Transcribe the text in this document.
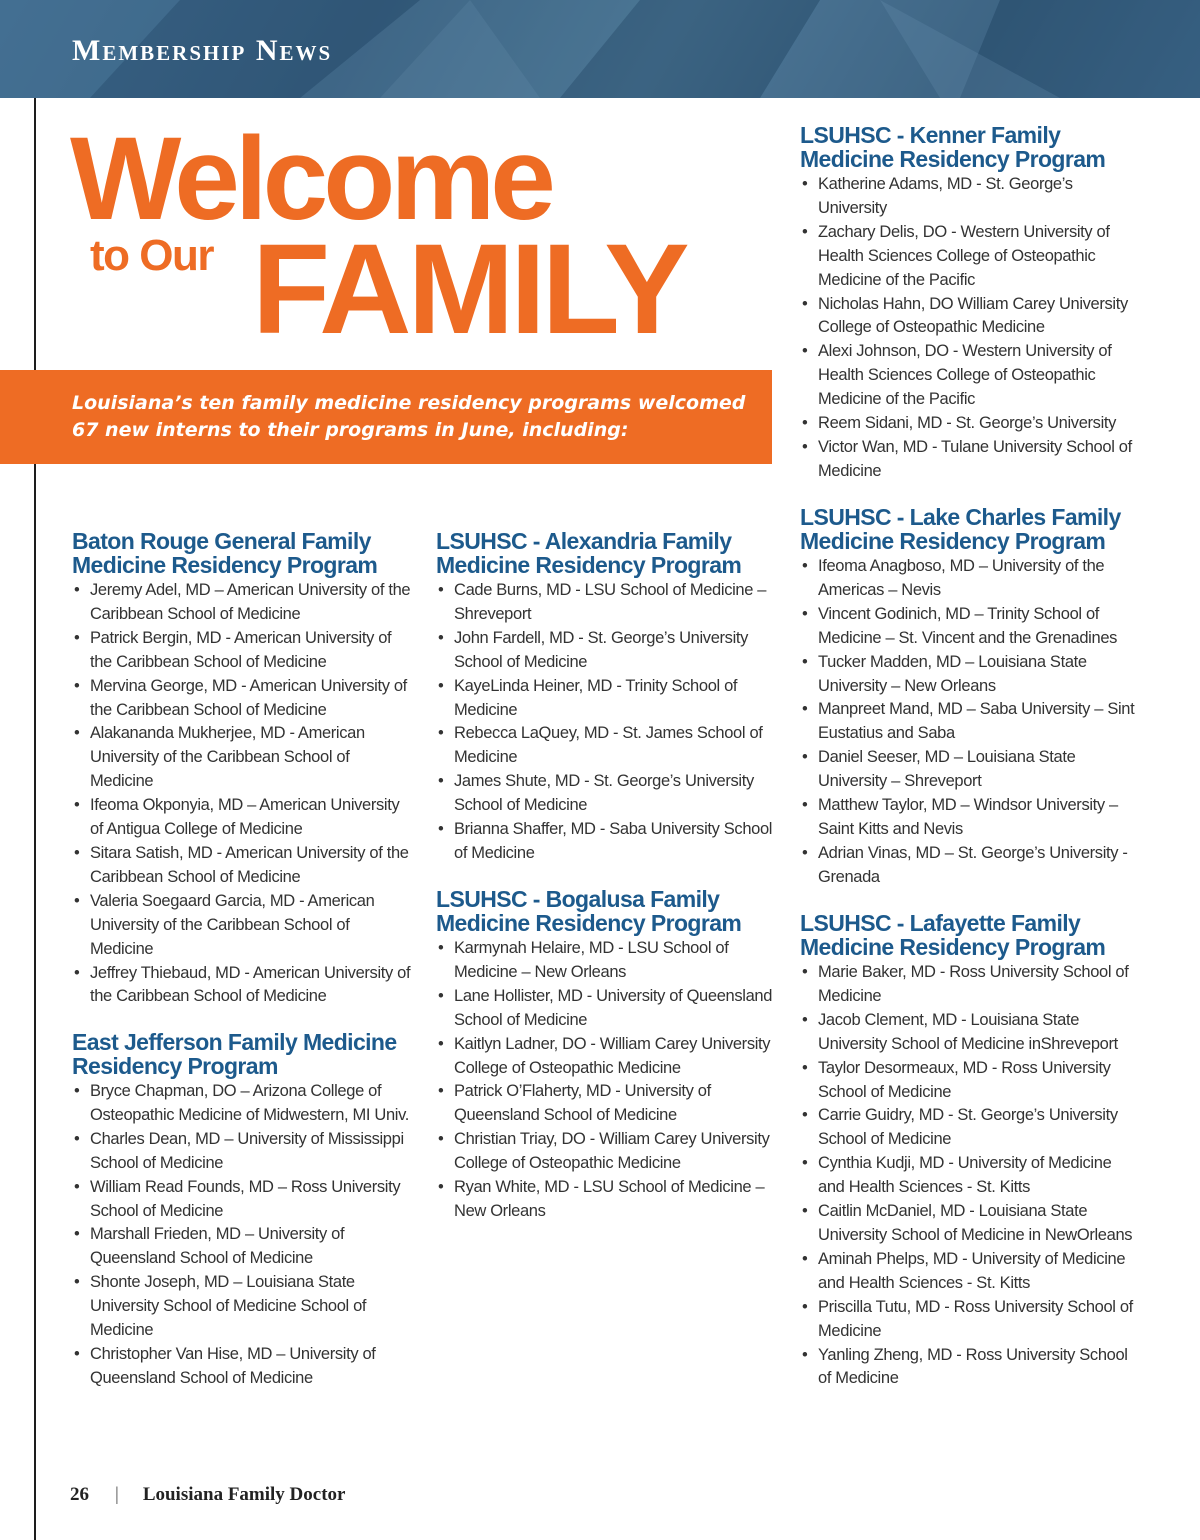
Membership News
Welcome
to Our FAMILY
Louisiana’s ten family medicine residency programs welcomed 67 new interns to their programs in June, including:
Baton Rouge General Family Medicine Residency Program
• Jeremy Adel, MD – American University of the Caribbean School of Medicine
• Patrick Bergin, MD - American University of the Caribbean School of Medicine
• Mervina George, MD - American University of the Caribbean School of Medicine
• Alakananda Mukherjee, MD - American University of the Caribbean School of Medicine
• Ifeoma Okponyia, MD – American University of Antigua College of Medicine
• Sitara Satish, MD - American University of the Caribbean School of Medicine
• Valeria Soegaard Garcia, MD - American University of the Caribbean School of Medicine
• Jeffrey Thiebaud, MD - American University of the Caribbean School of Medicine
East Jefferson Family Medicine Residency Program
• Bryce Chapman, DO – Arizona College of Osteopathic Medicine of Midwestern, MI Univ.
• Charles Dean, MD – University of Mississippi School of Medicine
• William Read Founds, MD – Ross University School of Medicine
• Marshall Frieden, MD – University of Queensland School of Medicine
• Shonte Joseph, MD – Louisiana State University School of Medicine School of Medicine
• Christopher Van Hise, MD – University of Queensland School of Medicine
LSUHSC - Alexandria Family Medicine Residency Program
• Cade Burns, MD - LSU School of Medicine – Shreveport
• John Fardell, MD - St. George’s University School of Medicine
• KayeLinda Heiner, MD - Trinity School of Medicine
• Rebecca LaQuey, MD - St. James School of Medicine
• James Shute, MD - St. George’s University School of Medicine
• Brianna Shaffer, MD - Saba University School of Medicine
LSUHSC - Bogalusa Family Medicine Residency Program
• Karmynah Helaire, MD - LSU School of Medicine – New Orleans
• Lane Hollister, MD - University of Queensland School of Medicine
• Kaitlyn Ladner, DO - William Carey University College of Osteopathic Medicine
• Patrick O’Flaherty, MD - University of Queensland School of Medicine
• Christian Triay, DO - William Carey University College of Osteopathic Medicine
• Ryan White, MD - LSU School of Medicine – New Orleans
LSUHSC - Kenner Family Medicine Residency Program
• Katherine Adams, MD - St. George’s University
• Zachary Delis, DO - Western University of Health Sciences College of Osteopathic Medicine of the Pacific
• Nicholas Hahn, DO William Carey University College of Osteopathic Medicine
• Alexi Johnson, DO - Western University of Health Sciences College of Osteopathic Medicine of the Pacific
• Reem Sidani, MD - St. George’s University
• Victor Wan, MD - Tulane University School of Medicine
LSUHSC - Lake Charles Family Medicine Residency Program
• Ifeoma Anagboso, MD – University of the Americas – Nevis
• Vincent Godinich, MD – Trinity School of Medicine – St. Vincent and the Grenadines
• Tucker Madden, MD – Louisiana State University – New Orleans
• Manpreet Mand, MD – Saba University – Sint Eustatius and Saba
• Daniel Seeser, MD – Louisiana State University – Shreveport
• Matthew Taylor, MD – Windsor University – Saint Kitts and Nevis
• Adrian Vinas, MD – St. George’s University - Grenada
LSUHSC - Lafayette Family Medicine Residency Program
• Marie Baker, MD - Ross University School of Medicine
• Jacob Clement, MD - Louisiana State University School of Medicine inShreveport
• Taylor Desormeaux, MD - Ross University School of Medicine
• Carrie Guidry, MD - St. George’s University School of Medicine
• Cynthia Kudji, MD - University of Medicine and Health Sciences - St. Kitts
• Caitlin McDaniel, MD - Louisiana State University School of Medicine in NewOrleans
• Aminah Phelps, MD - University of Medicine and Health Sciences - St. Kitts
• Priscilla Tutu, MD - Ross University School of Medicine
• Yanling Zheng, MD - Ross University School of Medicine
26 | Louisiana Family Doctor
